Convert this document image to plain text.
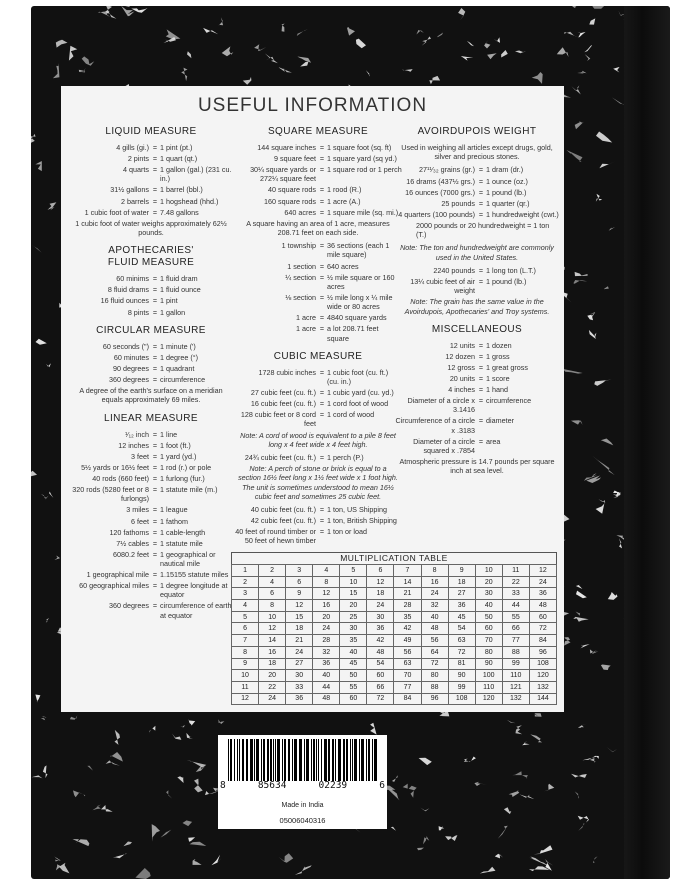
USEFUL INFORMATION
LIQUID MEASURE
4 gills (gi.) = 1 pint (pt.)
2 pints = 1 quart (qt.)
4 quarts = 1 gallon (gal.) (231 cu. in.)
31½ gallons = 1 barrel (bbl.)
2 barrels = 1 hogshead (hhd.)
1 cubic foot of water = 7.48 gallons
1 cubic foot of water weighs approximately 62½ pounds.
APOTHECARIES' FLUID MEASURE
60 minims = 1 fluid dram
8 fluid drams = 1 fluid ounce
16 fluid ounces = 1 pint
8 pints = 1 gallon
CIRCULAR MEASURE
60 seconds (") = 1 minute (')
60 minutes = 1 degree (°)
90 degrees = 1 quadrant
360 degrees = circumference
A degree of the earth's surface on a meridian equals approximately 69 miles.
LINEAR MEASURE
¹⁄₁₂ inch = 1 line
12 inches = 1 foot (ft.)
3 feet = 1 yard (yd.)
5½ yards or 16½ feet = 1 rod (r.) or pole
40 rods (660 feet) = 1 furlong (fur.)
320 rods (5280 feet or 8 furlongs)
= 1 statute mile (m.)
3 miles = 1 league
6 feet = 1 fathom
120 fathoms = 1 cable-length
7½ cables = 1 statute mile
6080.2 feet = 1 geographical or nautical mile
1 geographical mile = 1.15155 statute miles
60 geographical miles = 1 degree longitude at equator
360 degrees = circumference of earth at equator
SQUARE MEASURE
144 square inches = 1 square foot (sq. ft)
9 square feet = 1 square yard (sq yd.)
30¼ square yards or 272¼ square feet
= 1 square rod or 1 perch
40 square rods = 1 rood (R.)
160 square rods = 1 acre (A.)
640 acres = 1 square mile (sq. mi.)
A square having an area of 1 acre, measures 208.71 feet on each side.
1 township = 36 sections (each 1 mile square)
1 section = 640 acres
¼ section = ½ mile square or 160 acres
⅛ section = ½ mile long x ¼ mile wide or 80 acres
1 acre = 4840 square yards
1 acre = a lot 208.71 feet square
CUBIC MEASURE
1728 cubic inches = 1 cubic foot (cu. ft.) (cu. in.)
27 cubic feet (cu. ft.) = 1 cubic yard (cu. yd.)
16 cubic feet (cu. ft.) = 1 cord foot of wood
128 cubic feet or 8 cord feet
= 1 cord of wood
Note: A cord of wood is equivalent to a pile 8 feet long x 4 feet wide x 4 feet high.
24¾ cubic feet (cu. ft.) = 1 perch (P.)
Note: A perch of stone or brick is equal to a section 16½ feet long x 1½ feet wide x 1 foot high. The unit is sometimes understood to mean 16½ cubic feet and sometimes 25 cubic feet.
40 cubic feet (cu. ft.) = 1 ton, US Shipping
42 cubic feet (cu. ft.) = 1 ton, British Shipping
40 feet of round timber or 50 feet of hewn timber
= 1 ton or load
AVOIRDUPOIS WEIGHT
Used in weighing all articles except drugs, gold, silver and precious stones.
27¹¹⁄₃₂ grains (gr.) = 1 dram (dr.)
16 drams (437½ grs.) = 1 ounce (oz.)
16 ounces (7000 grs.) = 1 pound (lb.)
25 pounds = 1 quarter (qr.)
4 quarters (100 pounds) = 1 hundredweight (cwt.)
2000 pounds or 20 hundredweight = 1 ton (T.)
Note: The ton and hundredweight are commonly used in the United States.
2240 pounds = 1 long ton (L.T.)
13¼ cubic feet of air weight
= 1 pound (lb.)
Note: The grain has the same value in the Avoirdupois, Apothecaries' and Troy systems.
MISCELLANEOUS
12 units = 1 dozen
12 dozen = 1 gross
12 gross = 1 great gross
20 units = 1 score
4 inches = 1 hand
Diameter of a circle x 3.1416
= circumference
Circumference of a circle x .3183
= diameter
Diameter of a circle squared x .7854
= area
Atmospheric pressure is 14.7 pounds per square inch at sea level.
MULTIPLICATION TABLE
1	2	3	4	5	6	7	8	9	10	11	12
2	4	6	8	10	12	14	16	18	20	22	24
3	6	9	12	15	18	21	24	27	30	33	36
4	8	12	16	20	24	28	32	36	40	44	48
5	10	15	20	25	30	35	40	45	50	55	60
6	12	18	24	30	36	42	48	54	60	66	72
7	14	21	28	35	42	49	56	63	70	77	84
8	16	24	32	40	48	56	64	72	80	88	96
9	18	27	36	45	54	63	72	81	90	99	108
10	20	30	40	50	60	70	80	90	100	110	120
11	22	33	44	55	66	77	88	99	110	121	132
12	24	36	48	60	72	84	96	108	120	132	144
8	85634	02239	6
Made in India
05006040316
